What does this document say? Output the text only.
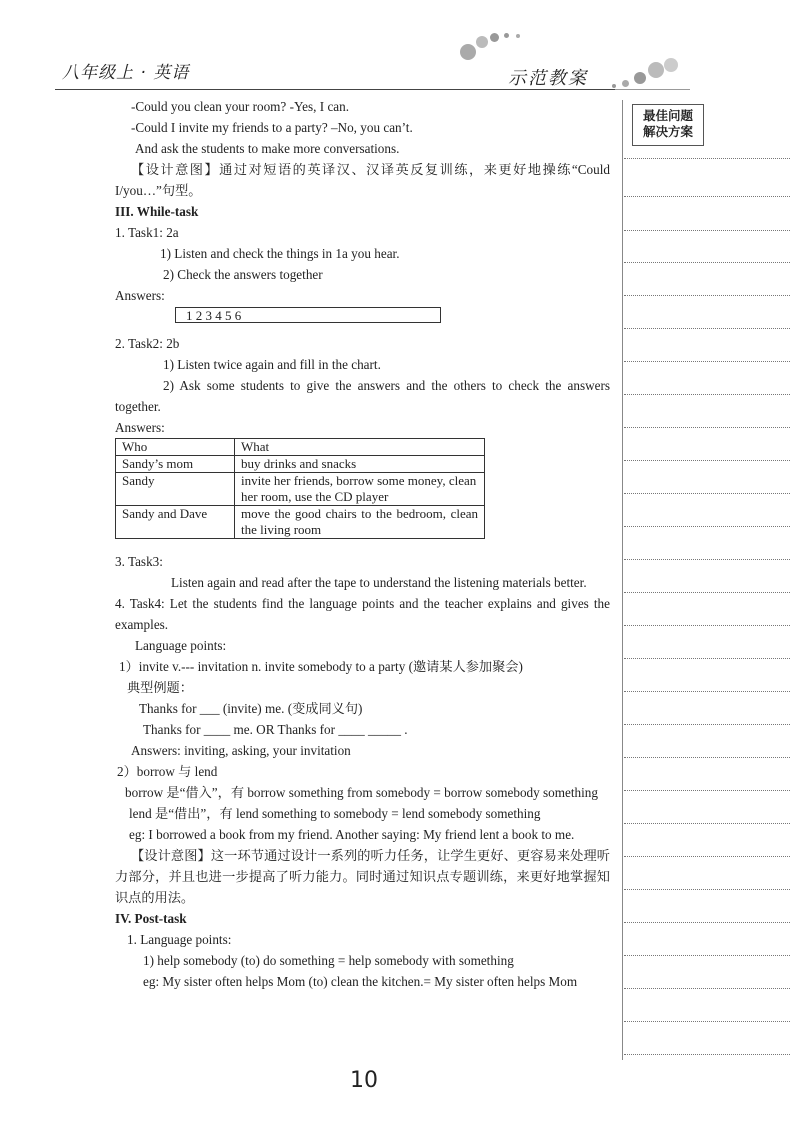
八年级上 · 英语	示范教案
最佳问题
解决方案

-Could you clean your room? -Yes, I can.

-Could I invite my friends to a party? –No, you can’t.

And ask the students to make more conversations.

【设计意图】通过对短语的英译汉、汉译英反复训练，来更好地操练“Could I/you…”句型。

III. While-task

1. Task1: 2a

1) Listen and check the things in 1a you hear.

2) Check the answers together

Answers:

1 2 3 4 5 6

2. Task2: 2b

1) Listen twice again and fill in the chart.

2) Ask some students to give the answers and the others to check the answers together.

Answers:

Who	What
Sandy’s mom	buy drinks and snacks
Sandy	invite her friends, borrow some money, clean her room, use the CD player
Sandy and Dave	move the good chairs to the bedroom, clean the living room

3. Task3:

Listen again and read after the tape to understand the listening materials better.

4. Task4: Let the students find the language points and the teacher explains and gives the examples.

Language points:

1）invite v.--- invitation n. invite somebody to a party (邀请某人参加聚会)

典型例题：

Thanks for ___ (invite) me. (变成同义句)

Thanks for ____ me. OR Thanks for ____ _____ .

Answers: inviting, asking, your invitation

2）borrow 与 lend

borrow 是“借入”，有 borrow something from somebody = borrow somebody something

lend 是“借出”，有 lend something to somebody = lend somebody something

eg: I borrowed a book from my friend. Another saying: My friend lent a book to me.

【设计意图】这一环节通过设计一系列的听力任务，让学生更好、更容易来处理听力部分，并且也进一步提高了听力能力。同时通过知识点专题训练，来更好地掌握知识点的用法。

IV. Post-task

1. Language points:

1) help somebody (to) do something = help somebody with something

eg: My sister often helps Mom (to) clean the kitchen.= My sister often helps Mom

10
